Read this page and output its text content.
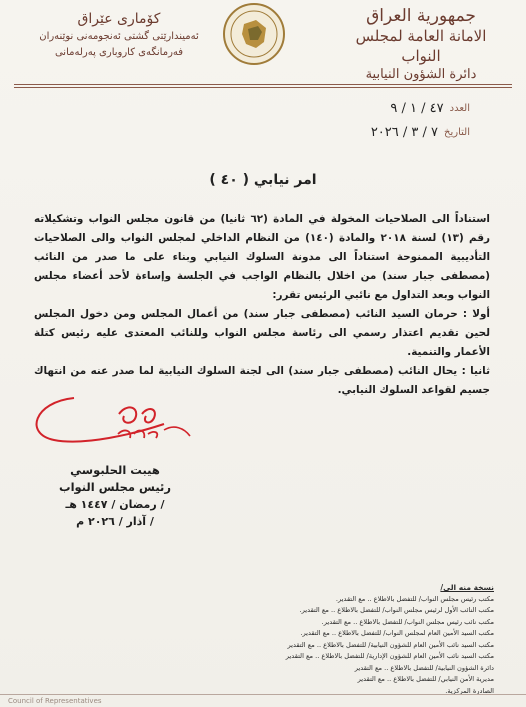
جمهورية العراق
الامانة العامة لمجلس النواب
دائرة الشؤون النيابية
كۆماری عێراق
ئەمیندارێتی گشتی ئەنجومەنی نوێنەران
فەرمانگەی کاروباری پەرلەمانی
العدد
٤٧ / ١ / ٩
التاريخ
٧ / ٣ / ٢٠٢٦
امر نيابي ( ٤٠ )

استناداً الى الصلاحيات المخولة في المادة (٦٢ ثانيا) من قانون مجلس النواب وتشكيلاته رقم (١٣) لسنة ٢٠١٨ والمادة (١٤٠) من النظام الداخلي لمجلس النواب والى الصلاحيات التأديبية الممنوحة استناداً الى مدونة السلوك النيابي وبناء على ما صدر من النائب (مصطفى جبار سند) من اخلال بالنظام الواجب في الجلسة وإساءة لأحد أعضاء مجلس النواب وبعد التداول مع نائبي الرئيس تقرر:

أولا : حرمان السيد النائب (مصطفى جبار سند) من أعمال المجلس ومن دخول المجلس لحين تقديم اعتذار رسمي الى رئاسة مجلس النواب وللنائب المعتدى عليه رئيس كتلة الأعمار والتنمية.

ثانيا : يحال النائب (مصطفى جبار سند) الى لجنة السلوك النيابية لما صدر عنه من انتهاك جسيم لقواعد السلوك النيابي.

هيبت الحلبوسي
رئيس مجلس النواب
/ رمضان / ١٤٤٧ هـ
/ آذار / ٢٠٢٦ م
نسخة منه الى/
مكتب رئيس مجلس النواب/ للتفضل بالاطلاع .. مع التقدير.
مكتب النائب الأول لرئيس مجلس النواب/ للتفضل بالاطلاع .. مع التقدير.
مكتب نائب رئيس مجلس النواب/ للتفضل بالاطلاع .. مع التقدير.
مكتب السيد الأمين العام لمجلس النواب/ للتفضل بالاطلاع .. مع التقدير.
مكتب السيد نائب الأمين العام للشؤون النيابية/ للتفضل بالاطلاع .. مع التقدير
مكتب السيد نائب الأمين العام للشؤون الإدارية/ للتفضل بالاطلاع .. مع التقدير
دائرة الشؤون النيابية/ للتفضل بالاطلاع .. مع التقدير
مديرية الأمن النيابي/ للتفضل بالاطلاع .. مع التقدير
الصادرة المركزية.
Council of Representatives
